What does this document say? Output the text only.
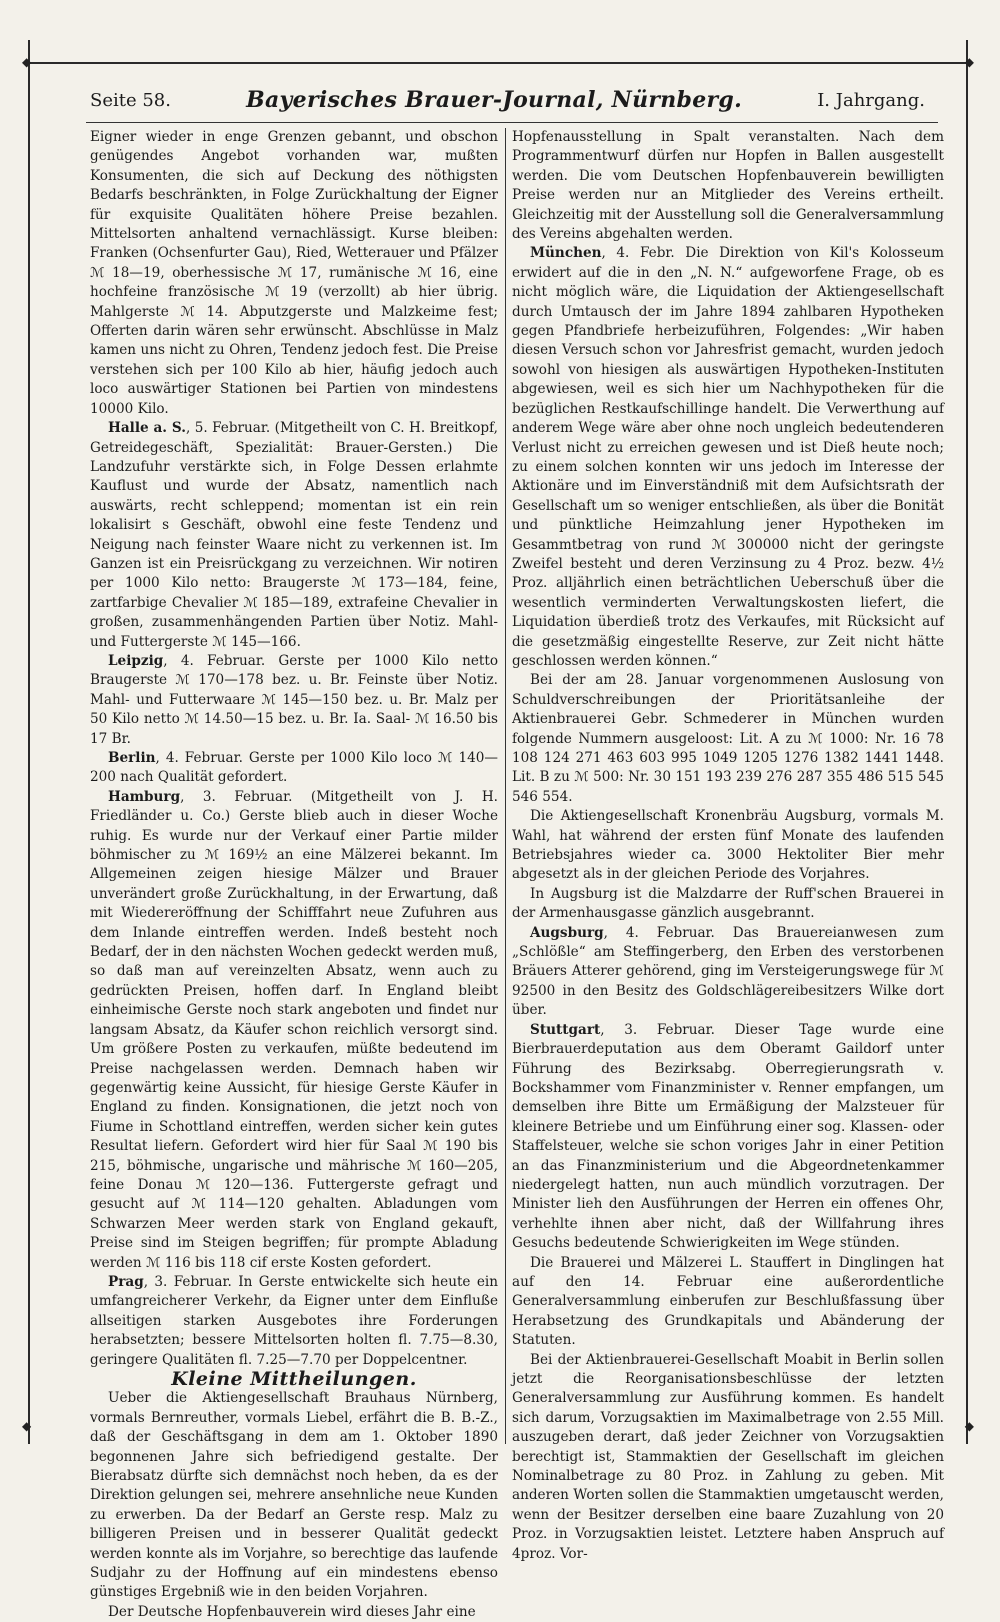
◆	◆
◆	◆
Seite 58.	Bayerisches Brauer-Journal, Nürnberg.	I. Jahrgang.

Eigner wieder in enge Grenzen gebannt, und obschon genügendes Angebot vorhanden war, mußten Konsumenten, die sich auf Deckung des nöthigsten Bedarfs beschränkten, in Folge Zurückhaltung der Eigner für exquisite Qualitäten höhere Preise bezahlen. Mittelsorten anhaltend vernachlässigt. Kurse bleiben: Franken (Ochsenfurter Gau), Ried, Wetterauer und Pfälzer ℳ 18—19, oberhessische ℳ 17, rumänische ℳ 16, eine hochfeine französische ℳ 19 (verzollt) ab hier übrig. Mahlgerste ℳ 14. Abputzgerste und Malzkeime fest; Offerten darin wären sehr erwünscht. Abschlüsse in Malz kamen uns nicht zu Ohren, Tendenz jedoch fest. Die Preise verstehen sich per 100 Kilo ab hier, häufig jedoch auch loco auswärtiger Stationen bei Partien von mindestens 10000 Kilo.

Halle a. S., 5. Februar. (Mitgetheilt von C. H. Breitkopf, Getreidegeschäft, Spezialität: Brauer-Gersten.) Die Landzufuhr verstärkte sich, in Folge Dessen erlahmte Kauflust und wurde der Absatz, namentlich nach auswärts, recht schleppend; momentan ist ein rein lokalisirt s Geschäft, obwohl eine feste Tendenz und Neigung nach feinster Waare nicht zu verkennen ist. Im Ganzen ist ein Preisrückgang zu verzeichnen. Wir notiren per 1000 Kilo netto: Braugerste ℳ 173—184, feine, zartfarbige Chevalier ℳ 185—189, extrafeine Chevalier in großen, zusammenhängenden Partien über Notiz. Mahl- und Futtergerste ℳ 145—166.

Leipzig, 4. Februar. Gerste per 1000 Kilo netto Braugerste ℳ 170—178 bez. u. Br. Feinste über Notiz. Mahl- und Futterwaare ℳ 145—150 bez. u. Br. Malz per 50 Kilo netto ℳ 14.50—15 bez. u. Br. Ia. Saal- ℳ 16.50 bis 17 Br.

Berlin, 4. Februar. Gerste per 1000 Kilo loco ℳ 140—200 nach Qualität gefordert.

Hamburg, 3. Februar. (Mitgetheilt von J. H. Friedländer u. Co.) Gerste blieb auch in dieser Woche ruhig. Es wurde nur der Verkauf einer Partie milder böhmischer zu ℳ 169½ an eine Mälzerei bekannt. Im Allgemeinen zeigen hiesige Mälzer und Brauer unverändert große Zurückhaltung, in der Erwartung, daß mit Wiedereröffnung der Schifffahrt neue Zufuhren aus dem Inlande eintreffen werden. Indeß besteht noch Bedarf, der in den nächsten Wochen gedeckt werden muß, so daß man auf vereinzelten Absatz, wenn auch zu gedrückten Preisen, hoffen darf. In England bleibt einheimische Gerste noch stark angeboten und findet nur langsam Absatz, da Käufer schon reichlich versorgt sind. Um größere Posten zu verkaufen, müßte bedeutend im Preise nachgelassen werden. Demnach haben wir gegenwärtig keine Aussicht, für hiesige Gerste Käufer in England zu finden. Konsignationen, die jetzt noch von Fiume in Schottland eintreffen, werden sicher kein gutes Resultat liefern. Gefordert wird hier für Saal ℳ 190 bis 215, böhmische, ungarische und mährische ℳ 160—205, feine Donau ℳ 120—136. Futtergerste gefragt und gesucht auf ℳ 114—120 gehalten. Abladungen vom Schwarzen Meer werden stark von England gekauft, Preise sind im Steigen begriffen; für prompte Abladung werden ℳ 116 bis 118 cif erste Kosten gefordert.

Prag, 3. Februar. In Gerste entwickelte sich heute ein umfangreicherer Verkehr, da Eigner unter dem Einfluße allseitigen starken Ausgebotes ihre Forderungen herabsetzten; bessere Mittelsorten holten fl. 7.75—8.30, geringere Qualitäten fl. 7.25—7.70 per Doppelcentner.

Kleine Mittheilungen.

Ueber die Aktiengesellschaft Brauhaus Nürnberg, vormals Bernreuther, vormals Liebel, erfährt die B. B.-Z., daß der Geschäftsgang in dem am 1. Oktober 1890 begonnenen Jahre sich befriedigend gestalte. Der Bierabsatz dürfte sich demnächst noch heben, da es der Direktion gelungen sei, mehrere ansehnliche neue Kunden zu erwerben. Da der Bedarf an Gerste resp. Malz zu billigeren Preisen und in besserer Qualität gedeckt werden konnte als im Vorjahre, so berechtige das laufende Sudjahr zu der Hoffnung auf ein mindestens ebenso günstiges Ergebniß wie in den beiden Vorjahren.

Der Deutsche Hopfenbauverein wird dieses Jahr eine

Hopfenausstellung in Spalt veranstalten. Nach dem Programmentwurf dürfen nur Hopfen in Ballen ausgestellt werden. Die vom Deutschen Hopfenbauverein bewilligten Preise werden nur an Mitglieder des Vereins ertheilt. Gleichzeitig mit der Ausstellung soll die Generalversammlung des Vereins abgehalten werden.

München, 4. Febr. Die Direktion von Kil's Kolosseum erwidert auf die in den „N. N.“ aufgeworfene Frage, ob es nicht möglich wäre, die Liquidation der Aktiengesellschaft durch Umtausch der im Jahre 1894 zahlbaren Hypotheken gegen Pfandbriefe herbeizuführen, Folgendes: „Wir haben diesen Versuch schon vor Jahresfrist gemacht, wurden jedoch sowohl von hiesigen als auswärtigen Hypotheken-Instituten abgewiesen, weil es sich hier um Nachhypotheken für die bezüglichen Restkaufschillinge handelt. Die Verwerthung auf anderem Wege wäre aber ohne noch ungleich bedeutenderen Verlust nicht zu erreichen gewesen und ist Dieß heute noch; zu einem solchen konnten wir uns jedoch im Interesse der Aktionäre und im Einverständniß mit dem Aufsichtsrath der Gesellschaft um so weniger entschließen, als über die Bonität und pünktliche Heimzahlung jener Hypotheken im Gesammtbetrag von rund ℳ 300000 nicht der geringste Zweifel besteht und deren Verzinsung zu 4 Proz. bezw. 4½ Proz. alljährlich einen beträchtlichen Ueberschuß über die wesentlich verminderten Verwaltungskosten liefert, die Liquidation überdieß trotz des Verkaufes, mit Rücksicht auf die gesetzmäßig eingestellte Reserve, zur Zeit nicht hätte geschlossen werden können.“

Bei der am 28. Januar vorgenommenen Auslosung von Schuldverschreibungen der Prioritätsanleihe der Aktienbrauerei Gebr. Schmederer in München wurden folgende Nummern ausgeloost: Lit. A zu ℳ 1000: Nr. 16 78 108 124 271 463 603 995 1049 1205 1276 1382 1441 1448. Lit. B zu ℳ 500: Nr. 30 151 193 239 276 287 355 486 515 545 546 554.

Die Aktiengesellschaft Kronenbräu Augsburg, vormals M. Wahl, hat während der ersten fünf Monate des laufenden Betriebsjahres wieder ca. 3000 Hektoliter Bier mehr abgesetzt als in der gleichen Periode des Vorjahres.

In Augsburg ist die Malzdarre der Ruff'schen Brauerei in der Armenhausgasse gänzlich ausgebrannt.

Augsburg, 4. Februar. Das Brauereianwesen zum „Schlößle“ am Steffingerberg, den Erben des verstorbenen Bräuers Atterer gehörend, ging im Versteigerungswege für ℳ 92500 in den Besitz des Goldschlägereibesitzers Wilke dort über.

Stuttgart, 3. Februar. Dieser Tage wurde eine Bierbrauerdeputation aus dem Oberamt Gaildorf unter Führung des Bezirksabg. Oberregierungsrath v. Bockshammer vom Finanzminister v. Renner empfangen, um demselben ihre Bitte um Ermäßigung der Malzsteuer für kleinere Betriebe und um Einführung einer sog. Klassen- oder Staffelsteuer, welche sie schon voriges Jahr in einer Petition an das Finanzministerium und die Abgeordnetenkammer niedergelegt hatten, nun auch mündlich vorzutragen. Der Minister lieh den Ausführungen der Herren ein offenes Ohr, verhehlte ihnen aber nicht, daß der Willfahrung ihres Gesuchs bedeutende Schwierigkeiten im Wege stünden.

Die Brauerei und Mälzerei L. Stauffert in Dinglingen hat auf den 14. Februar eine außerordentliche Generalversammlung einberufen zur Beschlußfassung über Herabsetzung des Grundkapitals und Abänderung der Statuten.

Bei der Aktienbrauerei-Gesellschaft Moabit in Berlin sollen jetzt die Reorganisationsbeschlüsse der letzten Generalversammlung zur Ausführung kommen. Es handelt sich darum, Vorzugsaktien im Maximalbetrage von 2.55 Mill. auszugeben derart, daß jeder Zeichner von Vorzugsaktien berechtigt ist, Stammaktien der Gesellschaft im gleichen Nominalbetrage zu 80 Proz. in Zahlung zu geben. Mit anderen Worten sollen die Stammaktien umgetauscht werden, wenn der Besitzer derselben eine baare Zuzahlung von 20 Proz. in Vorzugsaktien leistet. Letztere haben Anspruch auf 4proz. Vor-
